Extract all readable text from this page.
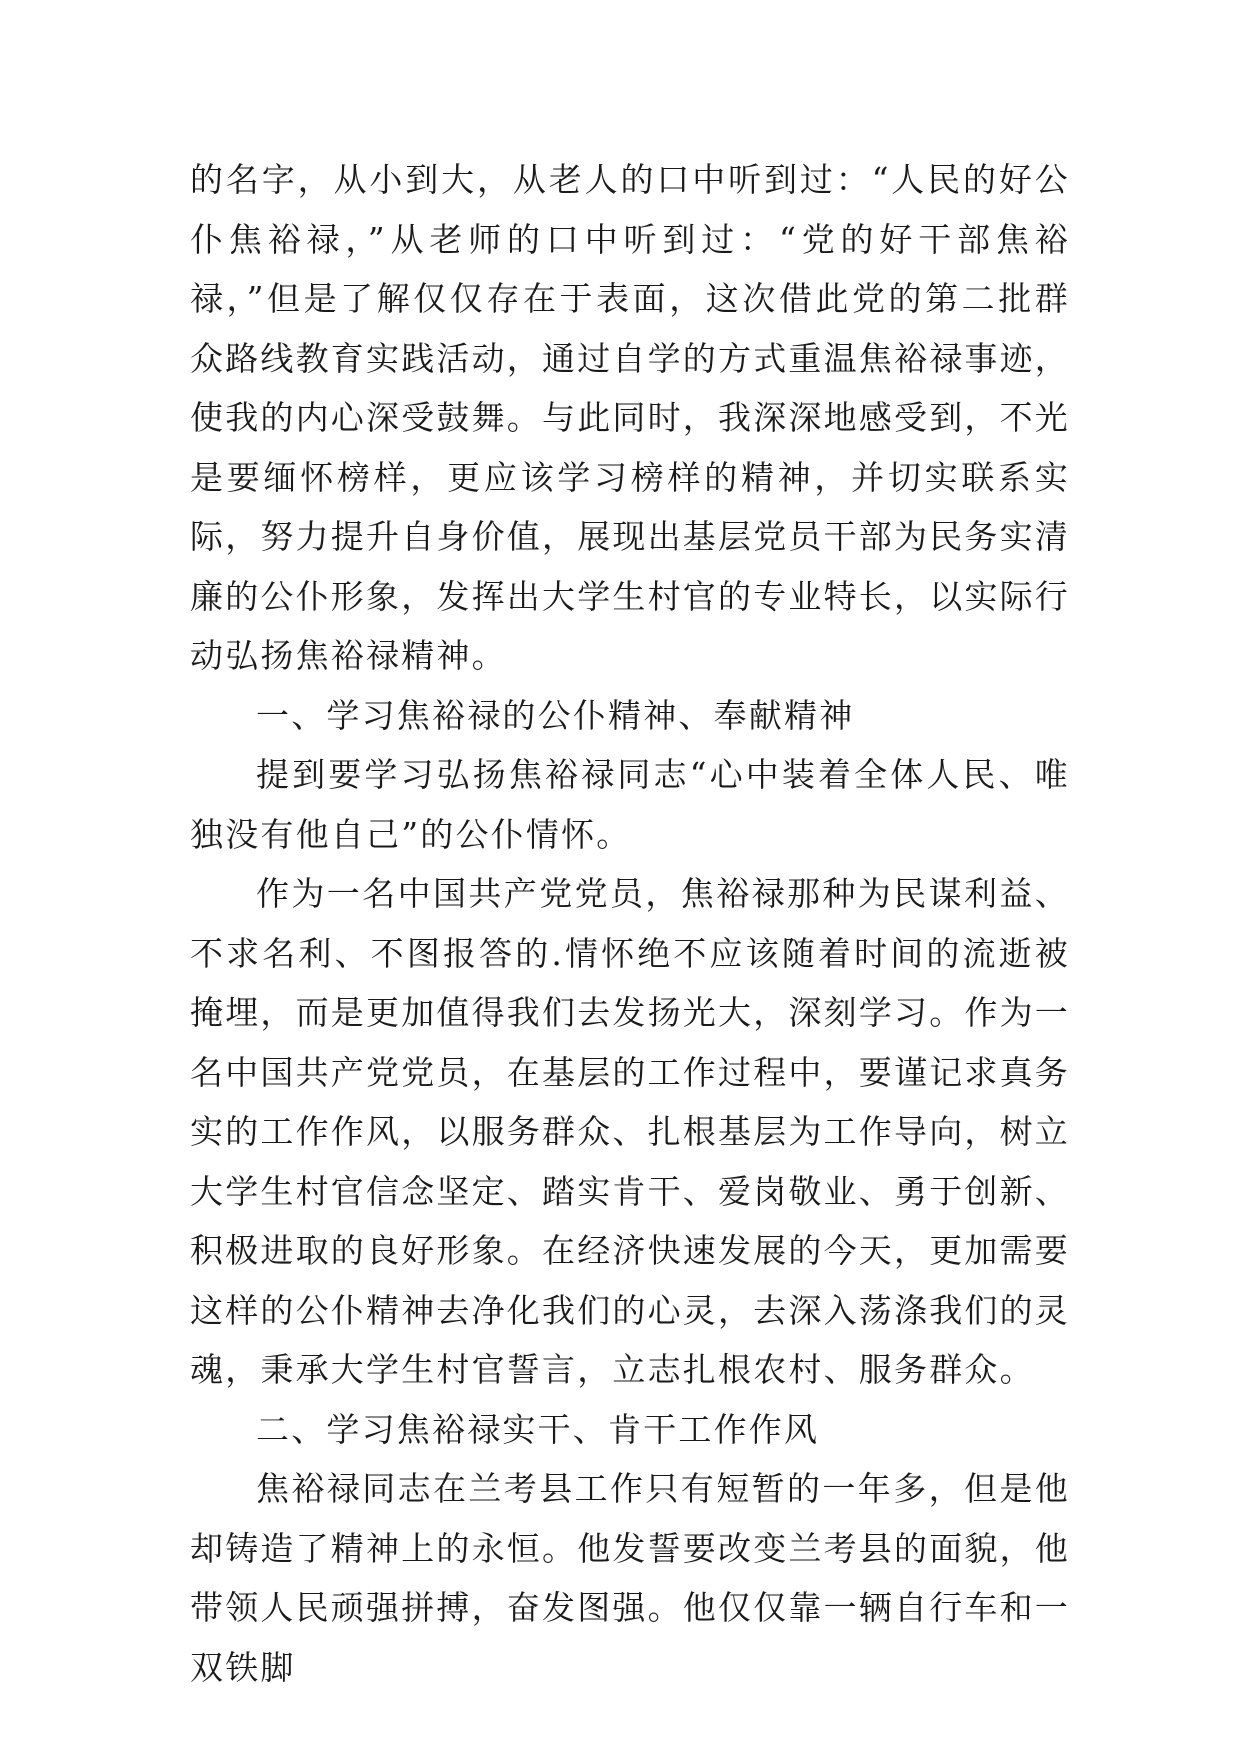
的名字，从小到大，从老人的口中听到过：“人民的好公仆焦裕禄，”从老师的口中听到过：“党的好干部焦裕禄，”但是了解仅仅存在于表面，这次借此党的第二批群众路线教育实践活动，通过自学的方式重温焦裕禄事迹，使我的内心深受鼓舞。与此同时，我深深地感受到，不光是要缅怀榜样，更应该学习榜样的精神，并切实联系实际，努力提升自身价值，展现出基层党员干部为民务实清廉的公仆形象，发挥出大学生村官的专业特长，以实际行动弘扬焦裕禄精神。

一、学习焦裕禄的公仆精神、奉献精神

提到要学习弘扬焦裕禄同志“心中装着全体人民、唯独没有他自己”的公仆情怀。

作为一名中国共产党党员，焦裕禄那种为民谋利益、不求名利、不图报答的.情怀绝不应该随着时间的流逝被掩埋，而是更加值得我们去发扬光大，深刻学习。作为一名中国共产党党员，在基层的工作过程中，要谨记求真务实的工作作风，以服务群众、扎根基层为工作导向，树立大学生村官信念坚定、踏实肯干、爱岗敬业、勇于创新、积极进取的良好形象。在经济快速发展的今天，更加需要这样的公仆精神去净化我们的心灵，去深入荡涤我们的灵魂，秉承大学生村官誓言，立志扎根农村、服务群众。

二、学习焦裕禄实干、肯干工作作风

焦裕禄同志在兰考县工作只有短暂的一年多，但是他却铸造了精神上的永恒。他发誓要改变兰考县的面貌，他带领人民顽强拼搏，奋发图强。他仅仅靠一辆自行车和一双铁脚
